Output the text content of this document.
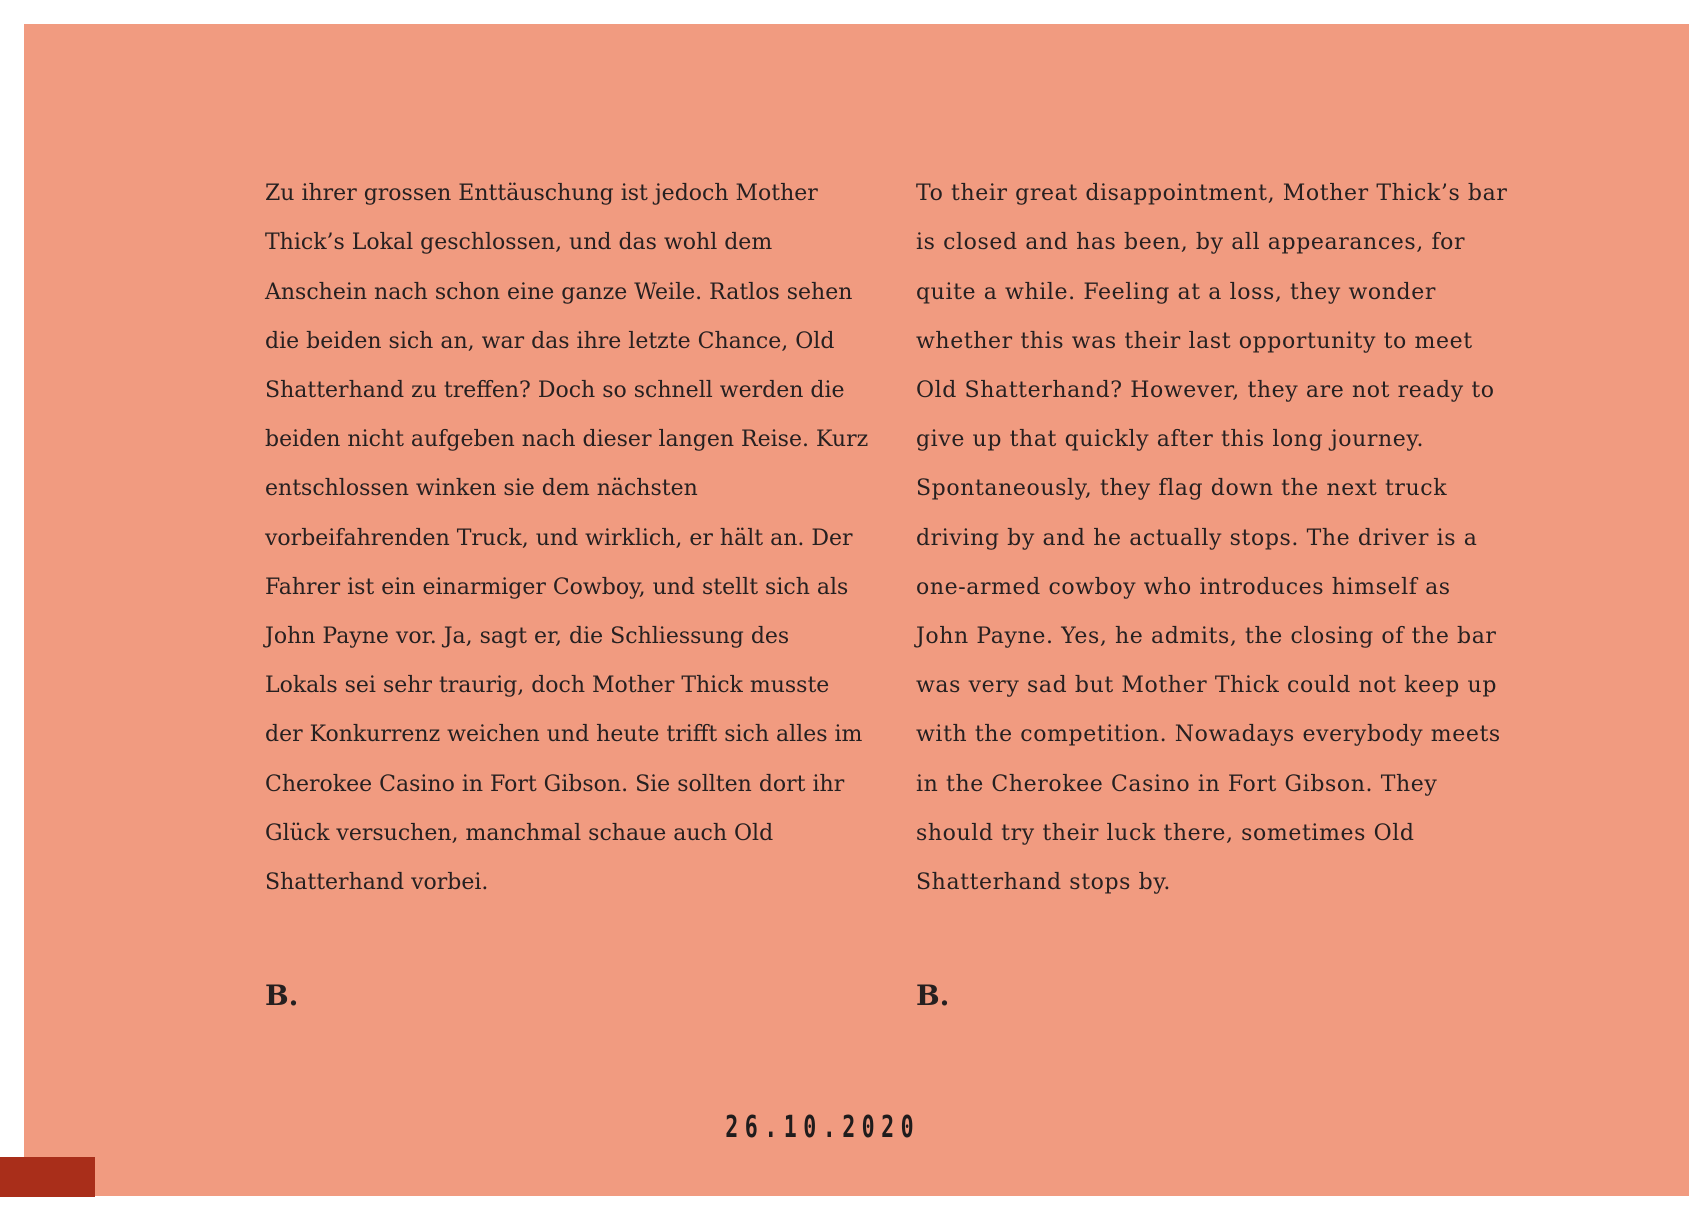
Zu ihrer grossen Enttäuschung ist jedoch Mother
Thick’s Lokal geschlossen, und das wohl dem
Anschein nach schon eine ganze Weile. Ratlos sehen
die beiden sich an, war das ihre letzte Chance, Old
Shatterhand zu treffen? Doch so schnell werden die
beiden nicht aufgeben nach dieser langen Reise. Kurz
entschlossen winken sie dem nächsten
vorbeifahrenden Truck, und wirklich, er hält an. Der
Fahrer ist ein einarmiger Cowboy, und stellt sich als
John Payne vor. Ja, sagt er, die Schliessung des
Lokals sei sehr traurig, doch Mother Thick musste
der Konkurrenz weichen und heute trifft sich alles im
Cherokee Casino in Fort Gibson. Sie sollten dort ihr
Glück versuchen, manchmal schaue auch Old
Shatterhand vorbei.

B.

To their great disappointment, Mother Thick’s bar
is closed and has been, by all appearances, for
quite a while. Feeling at a loss, they wonder
whether this was their last opportunity to meet
Old Shatterhand? However, they are not ready to
give up that quickly after this long journey.
Spontaneously, they flag down the next truck
driving by and he actually stops. The driver is a
one-armed cowboy who introduces himself as
John Payne. Yes, he admits, the closing of the bar
was very sad but Mother Thick could not keep up
with the competition. Nowadays everybody meets
in the Cherokee Casino in Fort Gibson. They
should try their luck there, sometimes Old
Shatterhand stops by.

B.

26.10.2020
